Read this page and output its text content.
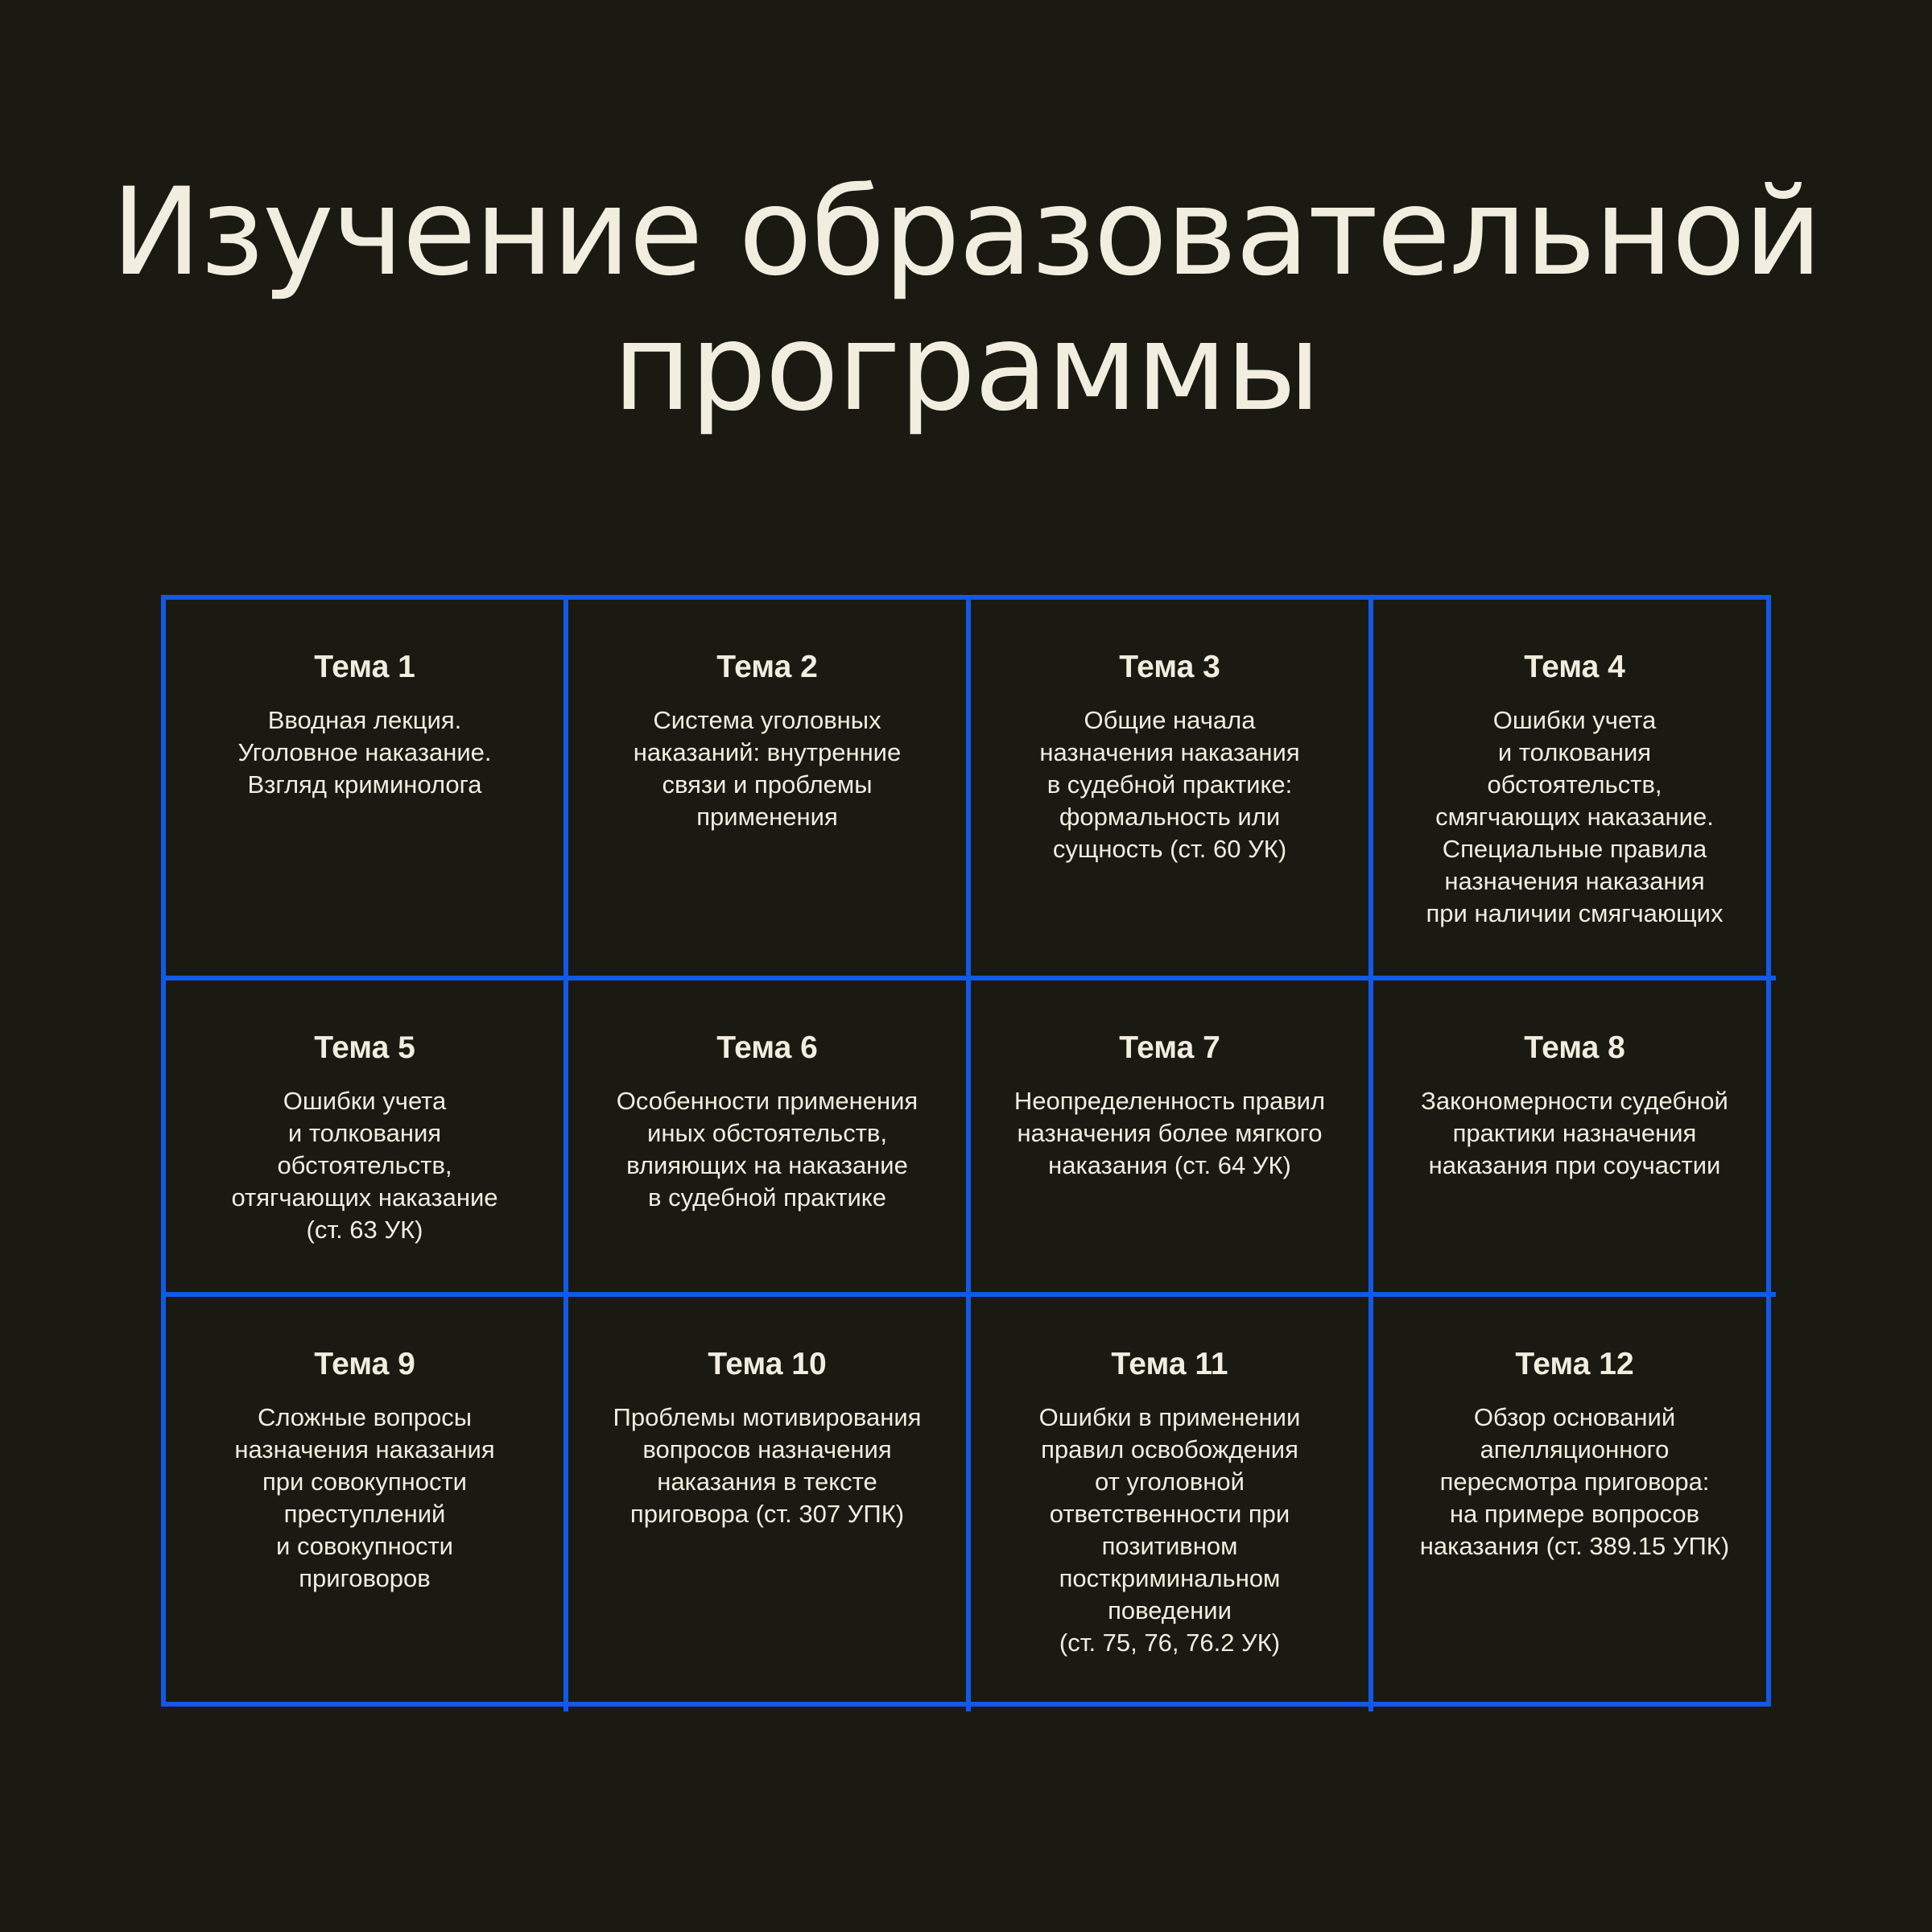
Изучение образовательной
программы
Тема 1
Вводная лекция.
Уголовное наказание.
Взгляд криминолога
Тема 2
Система уголовных
наказаний: внутренние
связи и проблемы
применения
Тема 3
Общие начала
назначения наказания
в судебной практике:
формальность или
сущность (ст. 60 УК)
Тема 4
Ошибки учета
и толкования
обстоятельств,
смягчающих наказание.
Специальные правила
назначения наказания
при наличии смягчающих
Тема 5
Ошибки учета
и толкования
обстоятельств,
отягчающих наказание
(ст. 63 УК)
Тема 6
Особенности применения
иных обстоятельств,
влияющих на наказание
в судебной практике
Тема 7
Неопределенность правил
назначения более мягкого
наказания (ст. 64 УК)
Тема 8
Закономерности судебной
практики назначения
наказания при соучастии
Тема 9
Сложные вопросы
назначения наказания
при совокупности
преступлений
и совокупности
приговоров
Тема 10
Проблемы мотивирования
вопросов назначения
наказания в тексте
приговора (ст. 307 УПК)
Тема 11
Ошибки в применении
правил освобождения
от уголовной
ответственности при
позитивном
посткриминальном
поведении
(ст. 75, 76, 76.2 УК)
Тема 12
Обзор оснований
апелляционного
пересмотра приговора:
на примере вопросов
наказания (ст. 389.15 УПК)
